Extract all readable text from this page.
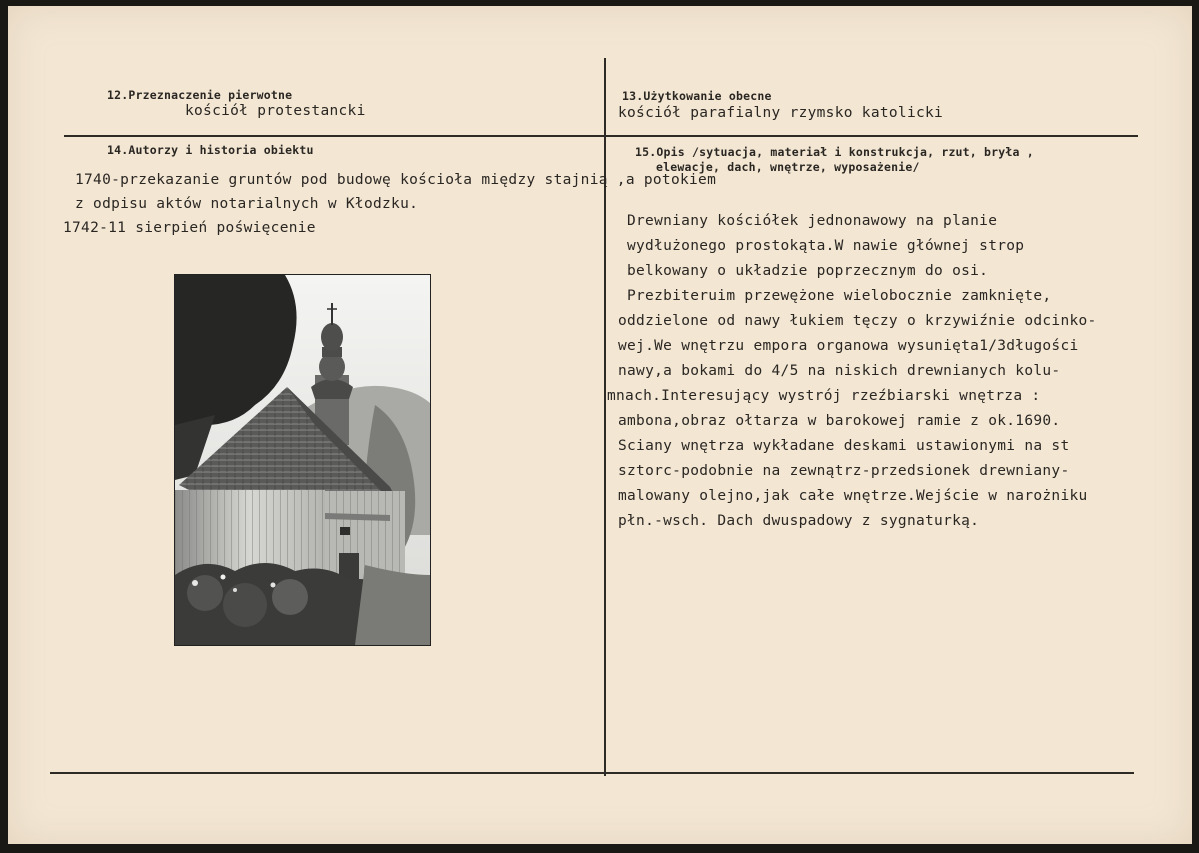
12.Przeznaczenie pierwotne
kościół protestancki
13.Użytkowanie obecne
kościół parafialny rzymsko katolicki
14.Autorzy i historia obiektu
1740-przekazanie gruntów pod budowę kościoła między stajnią ,a potokiem
z odpisu aktów notarialnych w Kłodzku.
1742-11 sierpień poświęcenie
15.Opis /sytuacja, materiał i konstrukcja, rzut, bryła ,
elewacje, dach, wnętrze, wyposażenie/
Drewniany kościółek jednonawowy na planie
wydłużonego prostokąta.W nawie głównej strop
belkowany o układzie poprzecznym do osi.
Prezbiteruim przewężone wielobocznie zamknięte,
oddzielone od nawy łukiem tęczy o krzywiźnie odcinko-
wej.We wnętrzu empora organowa wysunięta1/3długości
nawy,a bokami do 4/5 na niskich drewnianych kolu-
mnach.Interesujący wystrój rzeźbiarski wnętrza :
ambona,obraz ołtarza w barokowej ramie z ok.1690.
Sciany wnętrza wykładane deskami ustawionymi na st
sztorc-podobnie na zewnątrz-przedsionek drewniany-
malowany olejno,jak całe wnętrze.Wejście w narożniku
płn.-wsch. Dach dwuspadowy z sygnaturką.
